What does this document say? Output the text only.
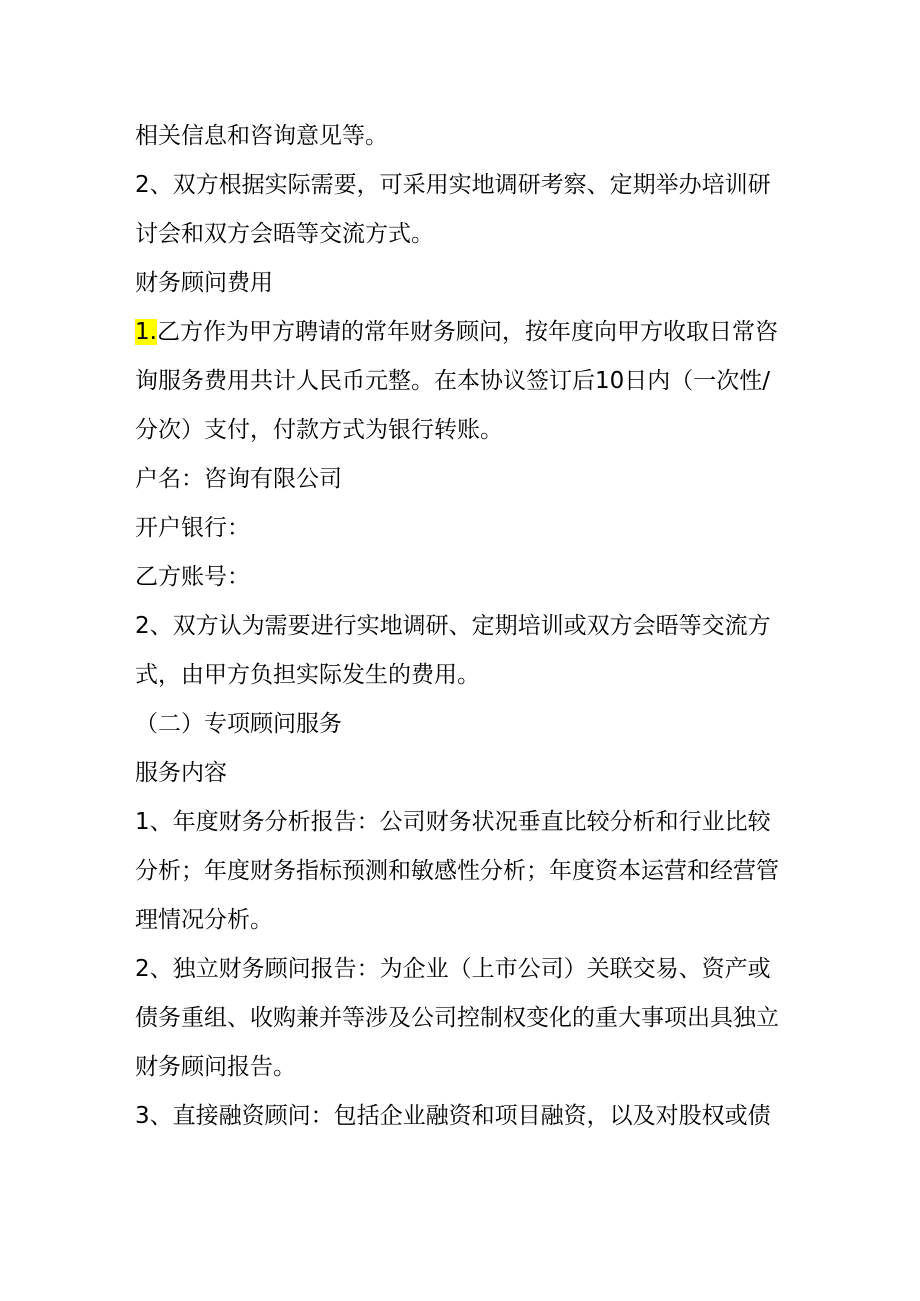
相关信息和咨询意见等。
2、双方根据实际需要，可采用实地调研考察、定期举办培训研
讨会和双方会晤等交流方式。
财务顾问费用
1.乙方作为甲方聘请的常年财务顾问，按年度向甲方收取日常咨
询服务费用共计人民币元整。在本协议签订后10日内（一次性/
分次）支付，付款方式为银行转账。
户名：咨询有限公司
开户银行：
乙方账号：
2、双方认为需要进行实地调研、定期培训或双方会晤等交流方
式，由甲方负担实际发生的费用。
（二）专项顾问服务
服务内容
1、年度财务分析报告：公司财务状况垂直比较分析和行业比较
分析；年度财务指标预测和敏感性分析；年度资本运营和经营管
理情况分析。
2、独立财务顾问报告：为企业（上市公司）关联交易、资产或
债务重组、收购兼并等涉及公司控制权变化的重大事项出具独立
财务顾问报告。
3、直接融资顾问：包括企业融资和项目融资，以及对股权或债
